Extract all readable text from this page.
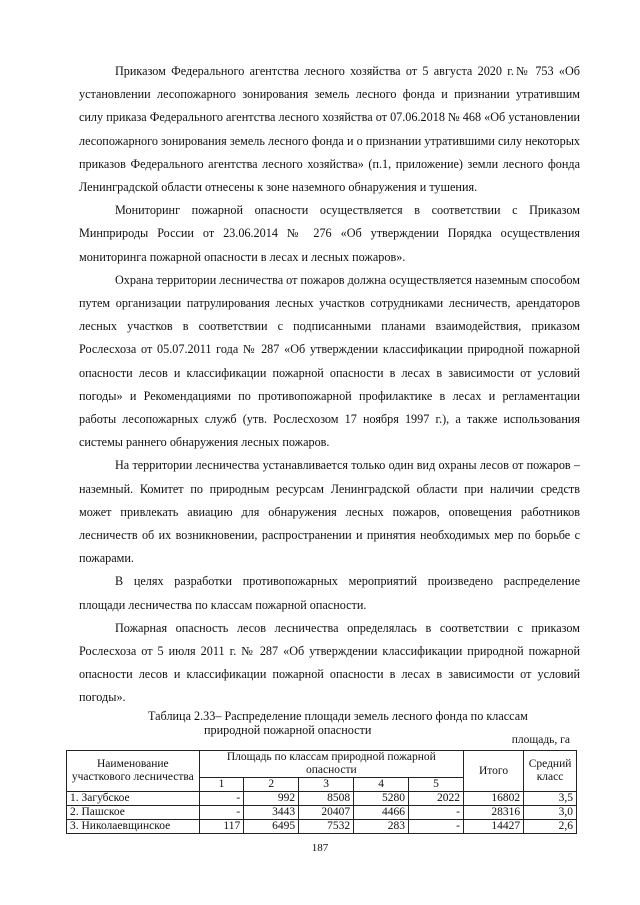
Приказом Федерального агентства лесного хозяйства от 5 августа 2020 г.№ 753 «Об установлении лесопожарного зонирования земель лесного фонда и признании утратившим силу приказа Федерального агентства лесного хозяйства от 07.06.2018 № 468 «Об установлении лесопожарного зонирования земель лесного фонда и о признании утратившими силу некоторых приказов Федерального агентства лесного хозяйства» (п.1, приложение) земли лесного фонда Ленинградской области отнесены к зоне наземного обнаружения и тушения.

Мониторинг пожарной опасности осуществляется в соответствии с Приказом Минприроды России от 23.06.2014 № 276 «Об утверждении Порядка осуществления мониторинга пожарной опасности в лесах и лесных пожаров».

Охрана территории лесничества от пожаров должна осуществляется наземным способом путем организации патрулирования лесных участков сотрудниками лесничеств, арендаторов лесных участков в соответствии с подписанными планами взаимодействия, приказом Рослесхоза от 05.07.2011 года № 287 «Об утверждении классификации природной пожарной опасности лесов и классификации пожарной опасности в лесах в зависимости от условий погоды» и Рекомендациями по противопожарной профилактике в лесах и регламентации работы лесопожарных служб (утв. Рослесхозом 17 ноября 1997 г.), а также использования системы раннего обнаружения лесных пожаров.

На территории лесничества устанавливается только один вид охраны лесов от пожаров – наземный. Комитет по природным ресурсам Ленинградской области при наличии средств может привлекать авиацию для обнаружения лесных пожаров, оповещения работников лесничеств об их возникновении, распространении и принятия необходимых мер по борьбе с пожарами.

В целях разработки противопожарных мероприятий произведено распределение площади лесничества по классам пожарной опасности.

Пожарная опасность лесов лесничества определялась в соответствии с приказом Рослесхоза от 5 июля 2011 г. № 287 «Об утверждении классификации природной пожарной опасности лесов и классификации пожарной опасности в лесах в зависимости от условий погоды».

Таблица 2.33– Распределение площади земель лесного фонда по классам
природной пожарной опасности
площадь, га
Наименование участкового лесничества	Площадь по классам природной пожарной опасности					Итого	Средний класс
	1	2	3	4	5		
1. Загубское	-	992	8508	5280	2022	16802	3,5
2. Пашское	-	3443	20407	4466	-	28316	3,0
3. Николаевщинское	117	6495	7532	283	-	14427	2,6
187
